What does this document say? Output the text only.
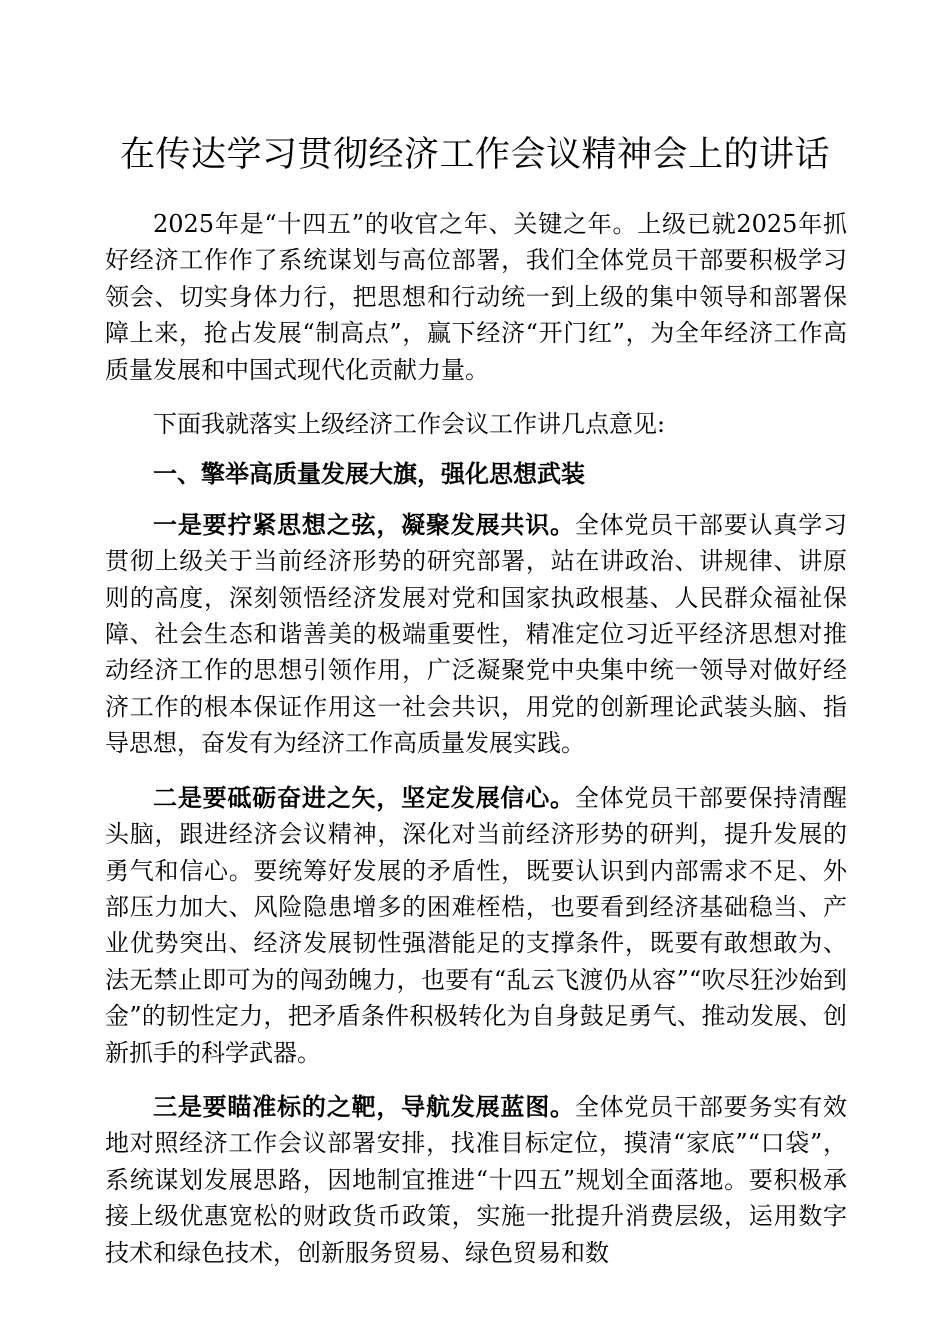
在传达学习贯彻经济工作会议精神会上的讲话

2025年是“十四五”的收官之年、关键之年。上级已就2025年抓好经济工作作了系统谋划与高位部署，我们全体党员干部要积极学习领会、切实身体力行，把思想和行动统一到上级的集中领导和部署保障上来，抢占发展“制高点”，赢下经济“开门红”，为全年经济工作高质量发展和中国式现代化贡献力量。

下面我就落实上级经济工作会议工作讲几点意见:

一、擎举高质量发展大旗，强化思想武装

一是要拧紧思想之弦，凝聚发展共识。全体党员干部要认真学习贯彻上级关于当前经济形势的研究部署，站在讲政治、讲规律、讲原则的高度，深刻领悟经济发展对党和国家执政根基、人民群众福祉保障、社会生态和谐善美的极端重要性，精准定位习近平经济思想对推动经济工作的思想引领作用，广泛凝聚党中央集中统一领导对做好经济工作的根本保证作用这一社会共识，用党的创新理论武装头脑、指导思想，奋发有为经济工作高质量发展实践。

二是要砥砺奋进之矢，坚定发展信心。全体党员干部要保持清醒头脑，跟进经济会议精神，深化对当前经济形势的研判，提升发展的勇气和信心。要统筹好发展的矛盾性，既要认识到内部需求不足、外部压力加大、风险隐患增多的困难桎梏，也要看到经济基础稳当、产业优势突出、经济发展韧性强潜能足的支撑条件，既要有敢想敢为、法无禁止即可为的闯劲魄力，也要有“乱云飞渡仍从容”“吹尽狂沙始到金”的韧性定力，把矛盾条件积极转化为自身鼓足勇气、推动发展、创新抓手的科学武器。

三是要瞄准标的之靶，导航发展蓝图。全体党员干部要务实有效地对照经济工作会议部署安排，找准目标定位，摸清“家底”“口袋”，系统谋划发展思路，因地制宜推进“十四五”规划全面落地。要积极承接上级优惠宽松的财政货币政策，实施一批提升消费层级，运用数字技术和绿色技术，创新服务贸易、绿色贸易和数
